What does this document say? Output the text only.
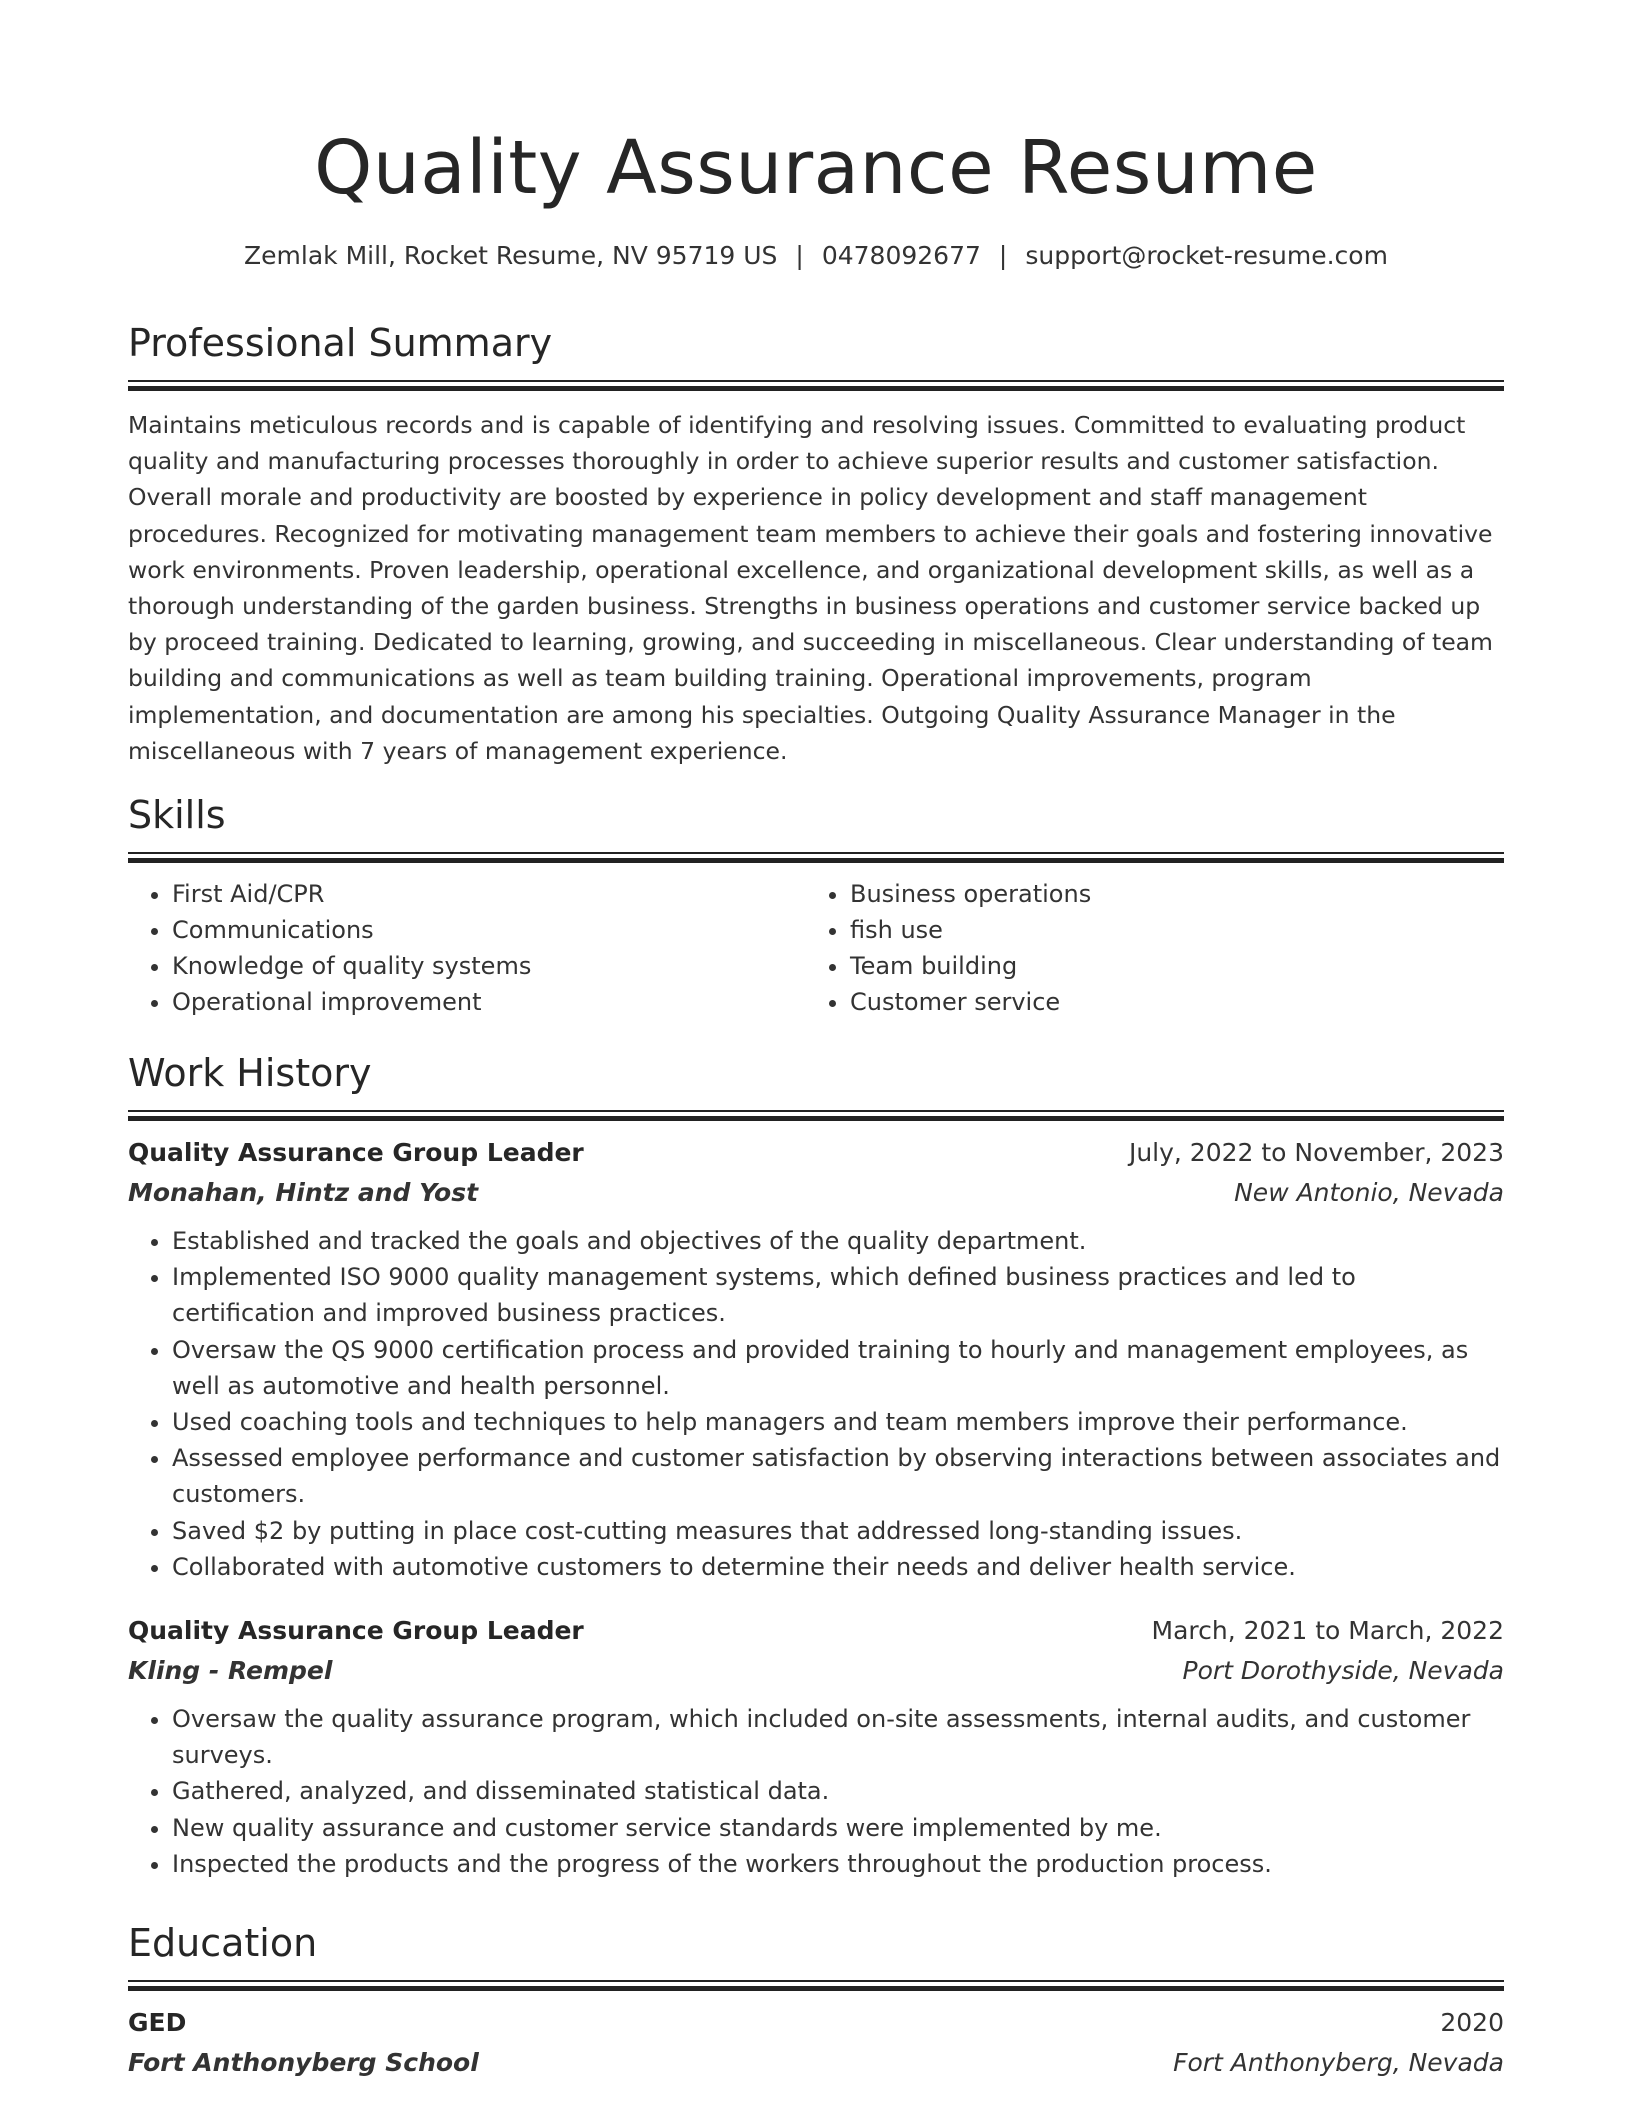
Quality Assurance Resume
Zemlak Mill, Rocket Resume, NV 95719 US | 0478092677 | support@rocket-resume.com
Professional Summary

Maintains meticulous records and is capable of identifying and resolving issues. Committed to evaluating product quality and manufacturing processes thoroughly in order to achieve superior results and customer satisfaction. Overall morale and productivity are boosted by experience in policy development and staff management procedures. Recognized for motivating management team members to achieve their goals and fostering innovative work environments. Proven leadership, operational excellence, and organizational development skills, as well as a thorough understanding of the garden business. Strengths in business operations and customer service backed up by proceed training. Dedicated to learning, growing, and succeeding in miscellaneous. Clear understanding of team building and communications as well as team building training. Operational improvements, program implementation, and documentation are among his specialties. Outgoing Quality Assurance Manager in the miscellaneous with 7 years of management experience.

Skills
• First Aid/CPR
• Communications
• Knowledge of quality systems
• Operational improvement
• Business operations
• fish use
• Team building
• Customer service
Work History
Quality Assurance Group Leader	July, 2022 to November, 2023
Monahan, Hintz and Yost	New Antonio, Nevada
• Established and tracked the goals and objectives of the quality department.
• Implemented ISO 9000 quality management systems, which defined business practices and led to certification and improved business practices.
• Oversaw the QS 9000 certification process and provided training to hourly and management employees, as well as automotive and health personnel.
• Used coaching tools and techniques to help managers and team members improve their performance.
• Assessed employee performance and customer satisfaction by observing interactions between associates and customers.
• Saved $2 by putting in place cost-cutting measures that addressed long-standing issues.
• Collaborated with automotive customers to determine their needs and deliver health service.
Quality Assurance Group Leader	March, 2021 to March, 2022
Kling - Rempel	Port Dorothyside, Nevada
• Oversaw the quality assurance program, which included on-site assessments, internal audits, and customer surveys.
• Gathered, analyzed, and disseminated statistical data.
• New quality assurance and customer service standards were implemented by me.
• Inspected the products and the progress of the workers throughout the production process.
Education
GED	2020
Fort Anthonyberg School	Fort Anthonyberg, Nevada
